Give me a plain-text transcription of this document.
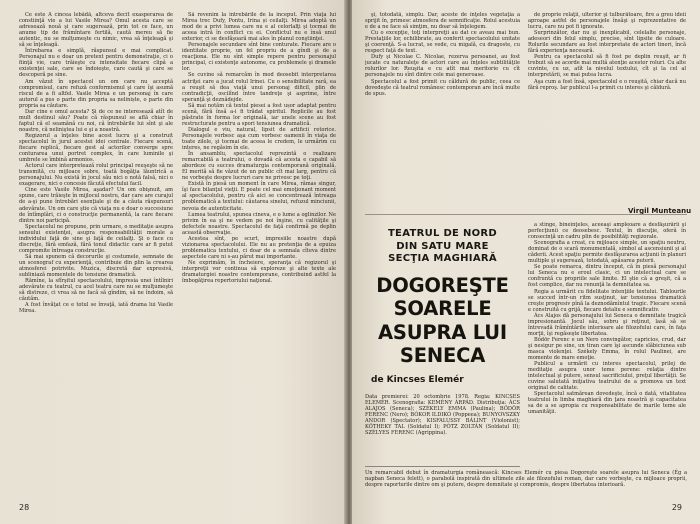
Ce este A cincea lebădă, altceva decît exasperarea de constiinţă vie a lui Vasile Mirea? Omul acesta care se adresează nouă şi care sugerează, prin tot ce face, un anume tip de frămîntare fertilă, caută mereu să fie autentic, nu se mulţumeşte cu nimic, vrea să înţeleagă şi să se înţeleagă.

Întrebarea e simplă, răspunsul e mai complicat. Personajul nu e doar un pretext pentru demonstraţie, ci o fiinţă vie, care trăieşte cu intensitate fiecare clipă a existenţei sale, care se îndoieşte, care caută şi care se descoperă pe sine.

Am văzut în spectacol un om care nu acceptă compromisul, care refuză conformismul şi care îşi asumă riscul de a fi altfel. Vasile Mirea e un personaj în care autorul a pus o parte din propria sa neliniște, o parte din propria sa căutare.

Dar cine e omul acesta? Şi de ce ne interesează atît de mult destinul său? Poate că răspunsul se află chiar în faptul că el seamănă cu noi, că întrebările lui sînt şi ale noastre, că neliniştea lui e şi a noastră.

Regizorul a înţeles bine acest lucru şi a construit spectacolul în jurul acestei idei centrale. Fiecare scenă, fiecare replică, fiecare gest al actorilor converge spre conturarea unui portret complex, în care luminile şi umbrele se îmbină armonios.

Actorul care interpretează rolul principal reuşeşte să ne transmită, cu mijloace sobre, toată bogăţia lăuntrică a personajului. Nu există în jocul său nici o notă falsă, nici o exagerare, nici o concesie făcută efectului facil.

Cine este Vasile Mirea, aşadar? Un om obişnuit, am spune, care trăieşte în mijlocul nostru, dar care are curajul de a-şi pune întrebări esenţiale şi de a căuta răspunsuri adevărate. Un om care ştie că viaţa nu e doar o succesiune de întîmplări, ci o construcţie permanentă, la care fiecare dintre noi participă.

Spectacolul ne propune, prin urmare, o meditaţie asupra sensului existenţei, asupra responsabilităţii morale a individului faţă de sine şi faţă de ceilalţi. Şi o face cu discreţie, fără emfază, fără tonul didactic care ar fi putut compromite întreaga construcţie.

Să mai spunem că decorurile şi costumele, semnate de un scenograf cu experienţă, contribuie din plin la crearea atmosferei potrivite. Muzica, discretă dar expresivă, subliniază momentele de tensiune dramatică.

Rămîne, la sfîrşitul spectacolului, impresia unei întîlniri adevărate cu teatrul, cu acel teatru care nu se mulţumeşte să distreze, ci vrea să ne facă să gîndim, să ne îndoim, să căutăm.

A fost învăţat ce e totul se învaţă, iată drama lui Vasile Mirea.

Să revenim la întrebările de la început. Prin viaţa lui Mirea trec Dufy, Pontu, Irina și ceilalţi. Mirea adoptă un mod de a privi lumea care nu e al celorlalţi şi tocmai de aceea intră în conflict cu ei. Conflictul nu e însă unul exterior, ci se desfăşoară mai ales în planul conştiinţei.

Personajele secundare sînt bine conturate. Fiecare are o identitate proprie, un fel propriu de a gîndi şi de a reacţiona. Ele nu sînt simple repere pentru personajul principal, ci existenţe autonome, cu problemele şi dramele lor.

Se cuvine să remarcăm în mod deosebit interpretarea actriţei care a jucat rolul Irinei. Cu o sensibilitate rară, ea a reuşit să dea viaţă unui personaj dificil, plin de contradicţii, oscilînd între tandreţe şi asprime, între speranţă şi deznădejde.

Să mai notăm că textul piesei a fost ușor adaptat pentru scenă, fără însă a-i fi trădat spiritul. Replicile au fost păstrate în forma lor originală, iar unele scene au fost restructurate pentru a spori tensiunea dramatică.

Dialogul e viu, natural, lipsit de artificii retorice. Personajele vorbesc aşa cum vorbesc oamenii în viaţa de toate zilele, şi tocmai de aceea le credem, le urmărim cu interes, ne regăsim în ele.

În ansamblu, spectacolul reprezintă o realizare remarcabilă a teatrului, o dovadă că acesta e capabil să abordeze cu succes dramaturgia contemporană originală. El merită să fie văzut de un public cît mai larg, pentru că ne vorbeşte despre lucruri care ne privesc pe toţi.

Există în piesă un moment în care Mirea, rămas singur, îşi face bilanţul vieţii. E poate cel mai emoţionant moment al spectacolului, pentru că aici se concentrează întreaga problematică a textului: căutarea sinelui, refuzul minciunii, nevoia de autenticitate.

Lumea teatrului, spunea cineva, e o lume a oglinzilor. Ne privim în ea şi ne vedem pe noi înşine, cu calităţile şi defectele noastre. Spectacolul de faţă confirmă pe deplin această observaţie.

Acestea sînt, pe scurt, impresiile noastre după vizionarea spectacolului. Ele nu au pretenţia de a epuiza problematica textului, ci doar de a semnala cîteva dintre aspectele care ni s-au părut mai importante.

Ne exprimăm, în încheiere, speranţa că regizorul şi interpreţii vor continua să exploreze şi alte texte ale dramaturgiei noastre contemporane, contribuind astfel la îmbogăţirea repertoriului naţional.

28

şi, totodată, simplu. Dar, aceste de înţeles vegetaţia a sprijit în, primesc atmosfera de semnificaţie. Rolul acestuia e de a ne face să simţim, nu doar să înţelegem.

Cu o excepţie, toţi interpreţii au dat ce aveau mai bun. Prestaţiile lor, echilibrate, au conferit spectacolului unitate şi coerenţă. S-a lucrat, se vede, cu migală, cu dragoste, cu respect faţă de text.

Dufy şi Nicolae C. Nicolae, rezerva persoanei, au fost jucate cu naturaleţe de actori care au înţeles subtilităţile rolurilor lor. Reuşita e cu atît mai meritorie cu cît personajele nu sînt dintre cele mai generoase.

Spectacolul a fost primit cu căldură de public, ceea ce dovedeşte că teatrul românesc contemporan are încă multe de spus.

de proprie relaţii, ulterior şi tulburătoare, fire a greu ideii aproape astfel de personajele însăşi şi reprezentative de lucru, care nu pot fi ignorate.

Surprinzător, dar nu şi inexplicabil, celelalte personaje, adeseori din felul simplu, precise, sînt lipsite de culoare. Rolurile secundare au fost interpretate de actori tineri, încă fără experienţa necesară.

Pentru ca spectacolul să fi fost pe deplin reuşit, ar fi trebuit să se acorde mai multă atenţie acestor roluri. Cu alte cuvinte, cu uz, atît la nivelul textului, cît şi la cel al interpretării, se mai putea lucra.

Aşa cum a fost însă, spectacolul e o reuşită, chiar dacă nu fără reproş. Iar publicul l-a primit cu interes şi căldură.

Virgil Munteanu
TEATRUL DE NORD
DIN SATU MARE
SECŢIA MAGHIARĂ
DOGOREŞTE
SOARELE
ASUPRA LUI SENECA
de Kincses Elemér
Data premierei: 20 octombrie 1978. Regia: KINCSES ELEMÉR. Scenografia: KEMÉNY ÁRPÁD. Distribuţia: ÁCS ALAJOS (Seneca); SZÉKELY EMMA (Paulina); BŐDÖR FERENC (Nero); BÓKOR ILDIKÓ (Poppeea); BUNYOVSZKY ANDOR (Spectator); KISFALUSSY BÁLINT (Violonist); KÖTHEKY TAL (Soldatul I); PÓTZ ZOLTÁN (Soldatul II); SZÉLYES FERENC (Agrippina).
Un remarcabil debut în dramaturgia românească: Kincses Elemér cu piesa Dogoreşte soarele asupra lui Seneca (Ég a napban Seneca felett), o parabolă inspirată din ultimele zile ale filozofului roman, dar care vorbeşte, cu mijloace proprii, despre raporturile dintre om şi putere, despre demnitate şi compromis, despre libertatea interioară.

a stinge, bineînţeles, aceeaşi ampleoare a desfăşurării şi perfecţiunii ce deosebesc. Textul, în discuţie, oferă în consecinţă un cadru plin de posibilităţi regizorale.

Scenografia a creat, cu mijloace simple, un spaţiu neutru, dominat de o scară monumentală, simbol al ascensiunii şi al căderii. Acest spaţiu permite desfăşurarea acţiunii în planuri multiple şi sugerează, totodată, apăsarea puterii.

Se poate remarca, dintru început, că în piesă personajul lui Seneca nu e eroul clasic, ci un intelectual care se confruntă cu propriile sale limite. El ştie că a greşit, că a fost complice, dar nu renunţă la demnitatea sa.

Regia a urmărit cu fidelitate intenţiile textului. Tablourile se succed într-un ritm susţinut, iar tensiunea dramatică creşte progresiv pînă la deznodămîntul tragic. Fiecare scenă e construită cu grijă, fiecare detaliu e semnificativ.

Ács Alajos dă personajului lui Seneca o demnitate tragică impresionantă. Jocul său, sobru şi reţinut, lasă să se întrevadă frămîntările interioare ale filozofului care, în faţa morţii, îşi regăseşte libertatea.

Bődör Ferenc e un Nero convingător, capricios, crud, dar şi nesigur pe sine, un tiran care îşi ascunde slăbiciunea sub masca violenţei. Székely Emma, în rolul Paulinei, are momente de mare emoţie.

Publicul a urmărit cu interes spectacolul, prilej de meditaţie asupra unor teme perene: relaţia dintre intelectual şi putere, sensul sacrificiului, preţul libertăţii. Se cuvine salutată iniţiativa teatrului de a promova un text original de calitate.

Spectacolul satmărean dovedeşte, încă o dată, vitalitatea teatrului în limba maghiară din ţara noastră şi capacitatea sa de a se apropia cu responsabilitate de marile teme ale umanităţii.

29
